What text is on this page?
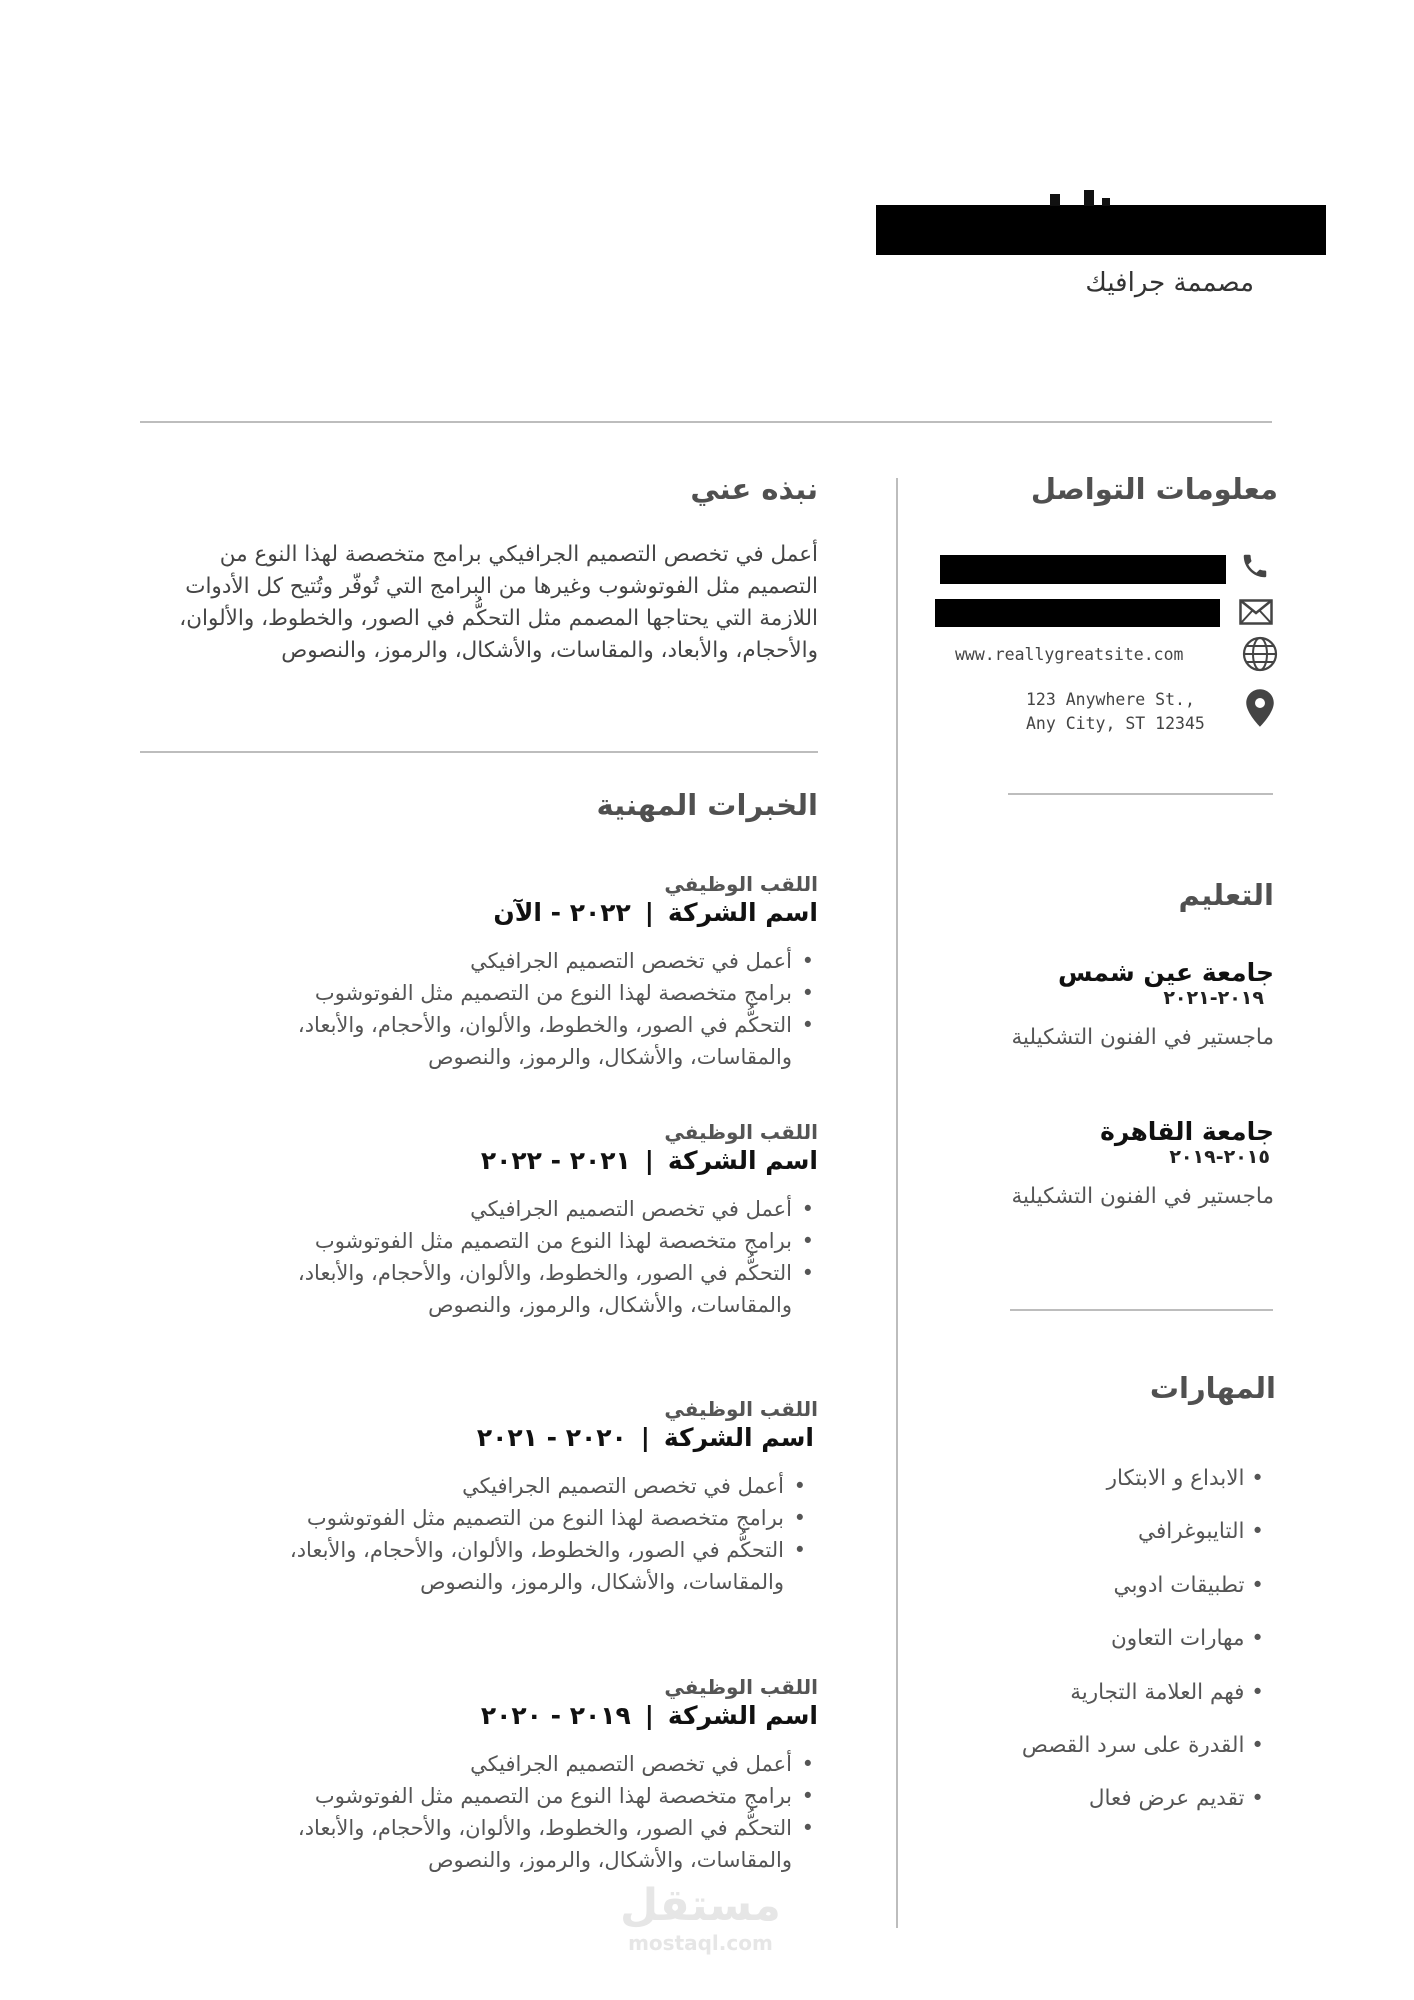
مصممة جرافيك
نبذه عني

أعمل في تخصص التصميم الجرافيكي برامج متخصصة لهذا النوع من التصميم مثل الفوتوشوب وغيرها من البرامج التي تُوفّر وتُتيح كل الأدوات اللازمة التي يحتاجها المصمم مثل التحكُّم في الصور، والخطوط، والألوان، والأحجام، والأبعاد، والمقاسات، والأشكال، والرموز، والنصوص

الخبرات المهنية
اللقب الوظيفي
اسم الشركة|٢٠٢٢ - الآن
• أعمل في تخصص التصميم الجرافيكي
• برامج متخصصة لهذا النوع من التصميم مثل الفوتوشوب
• التحكُّم في الصور، والخطوط، والألوان، والأحجام، والأبعاد، والمقاسات، والأشكال، والرموز، والنصوص
اللقب الوظيفي
اسم الشركة|٢٠٢١ - ٢٠٢٢
• أعمل في تخصص التصميم الجرافيكي
• برامج متخصصة لهذا النوع من التصميم مثل الفوتوشوب
• التحكُّم في الصور، والخطوط، والألوان، والأحجام، والأبعاد، والمقاسات، والأشكال، والرموز، والنصوص
اللقب الوظيفي
اسم الشركة|٢٠٢٠ - ٢٠٢١
• أعمل في تخصص التصميم الجرافيكي
• برامج متخصصة لهذا النوع من التصميم مثل الفوتوشوب
• التحكُّم في الصور، والخطوط، والألوان، والأحجام، والأبعاد، والمقاسات، والأشكال، والرموز، والنصوص
اللقب الوظيفي
اسم الشركة|٢٠١٩ - ٢٠٢٠
• أعمل في تخصص التصميم الجرافيكي
• برامج متخصصة لهذا النوع من التصميم مثل الفوتوشوب
• التحكُّم في الصور، والخطوط، والألوان، والأحجام، والأبعاد، والمقاسات، والأشكال، والرموز، والنصوص
مستقل
mostaql.com
معلومات التواصل
www.reallygreatsite.com
123 Anywhere St.,
Any City, ST 12345
التعليم
جامعة عين شمس
٢٠١٩-٢٠٢١
ماجستير في الفنون التشكيلية
جامعة القاهرة
٢٠١٥-٢٠١٩
ماجستير في الفنون التشكيلية
المهارات
• الابداع و الابتكار
• التايبوغرافي
• تطبيقات ادوبي
• مهارات التعاون
• فهم العلامة التجارية
• القدرة على سرد القصص
• تقديم عرض فعال
